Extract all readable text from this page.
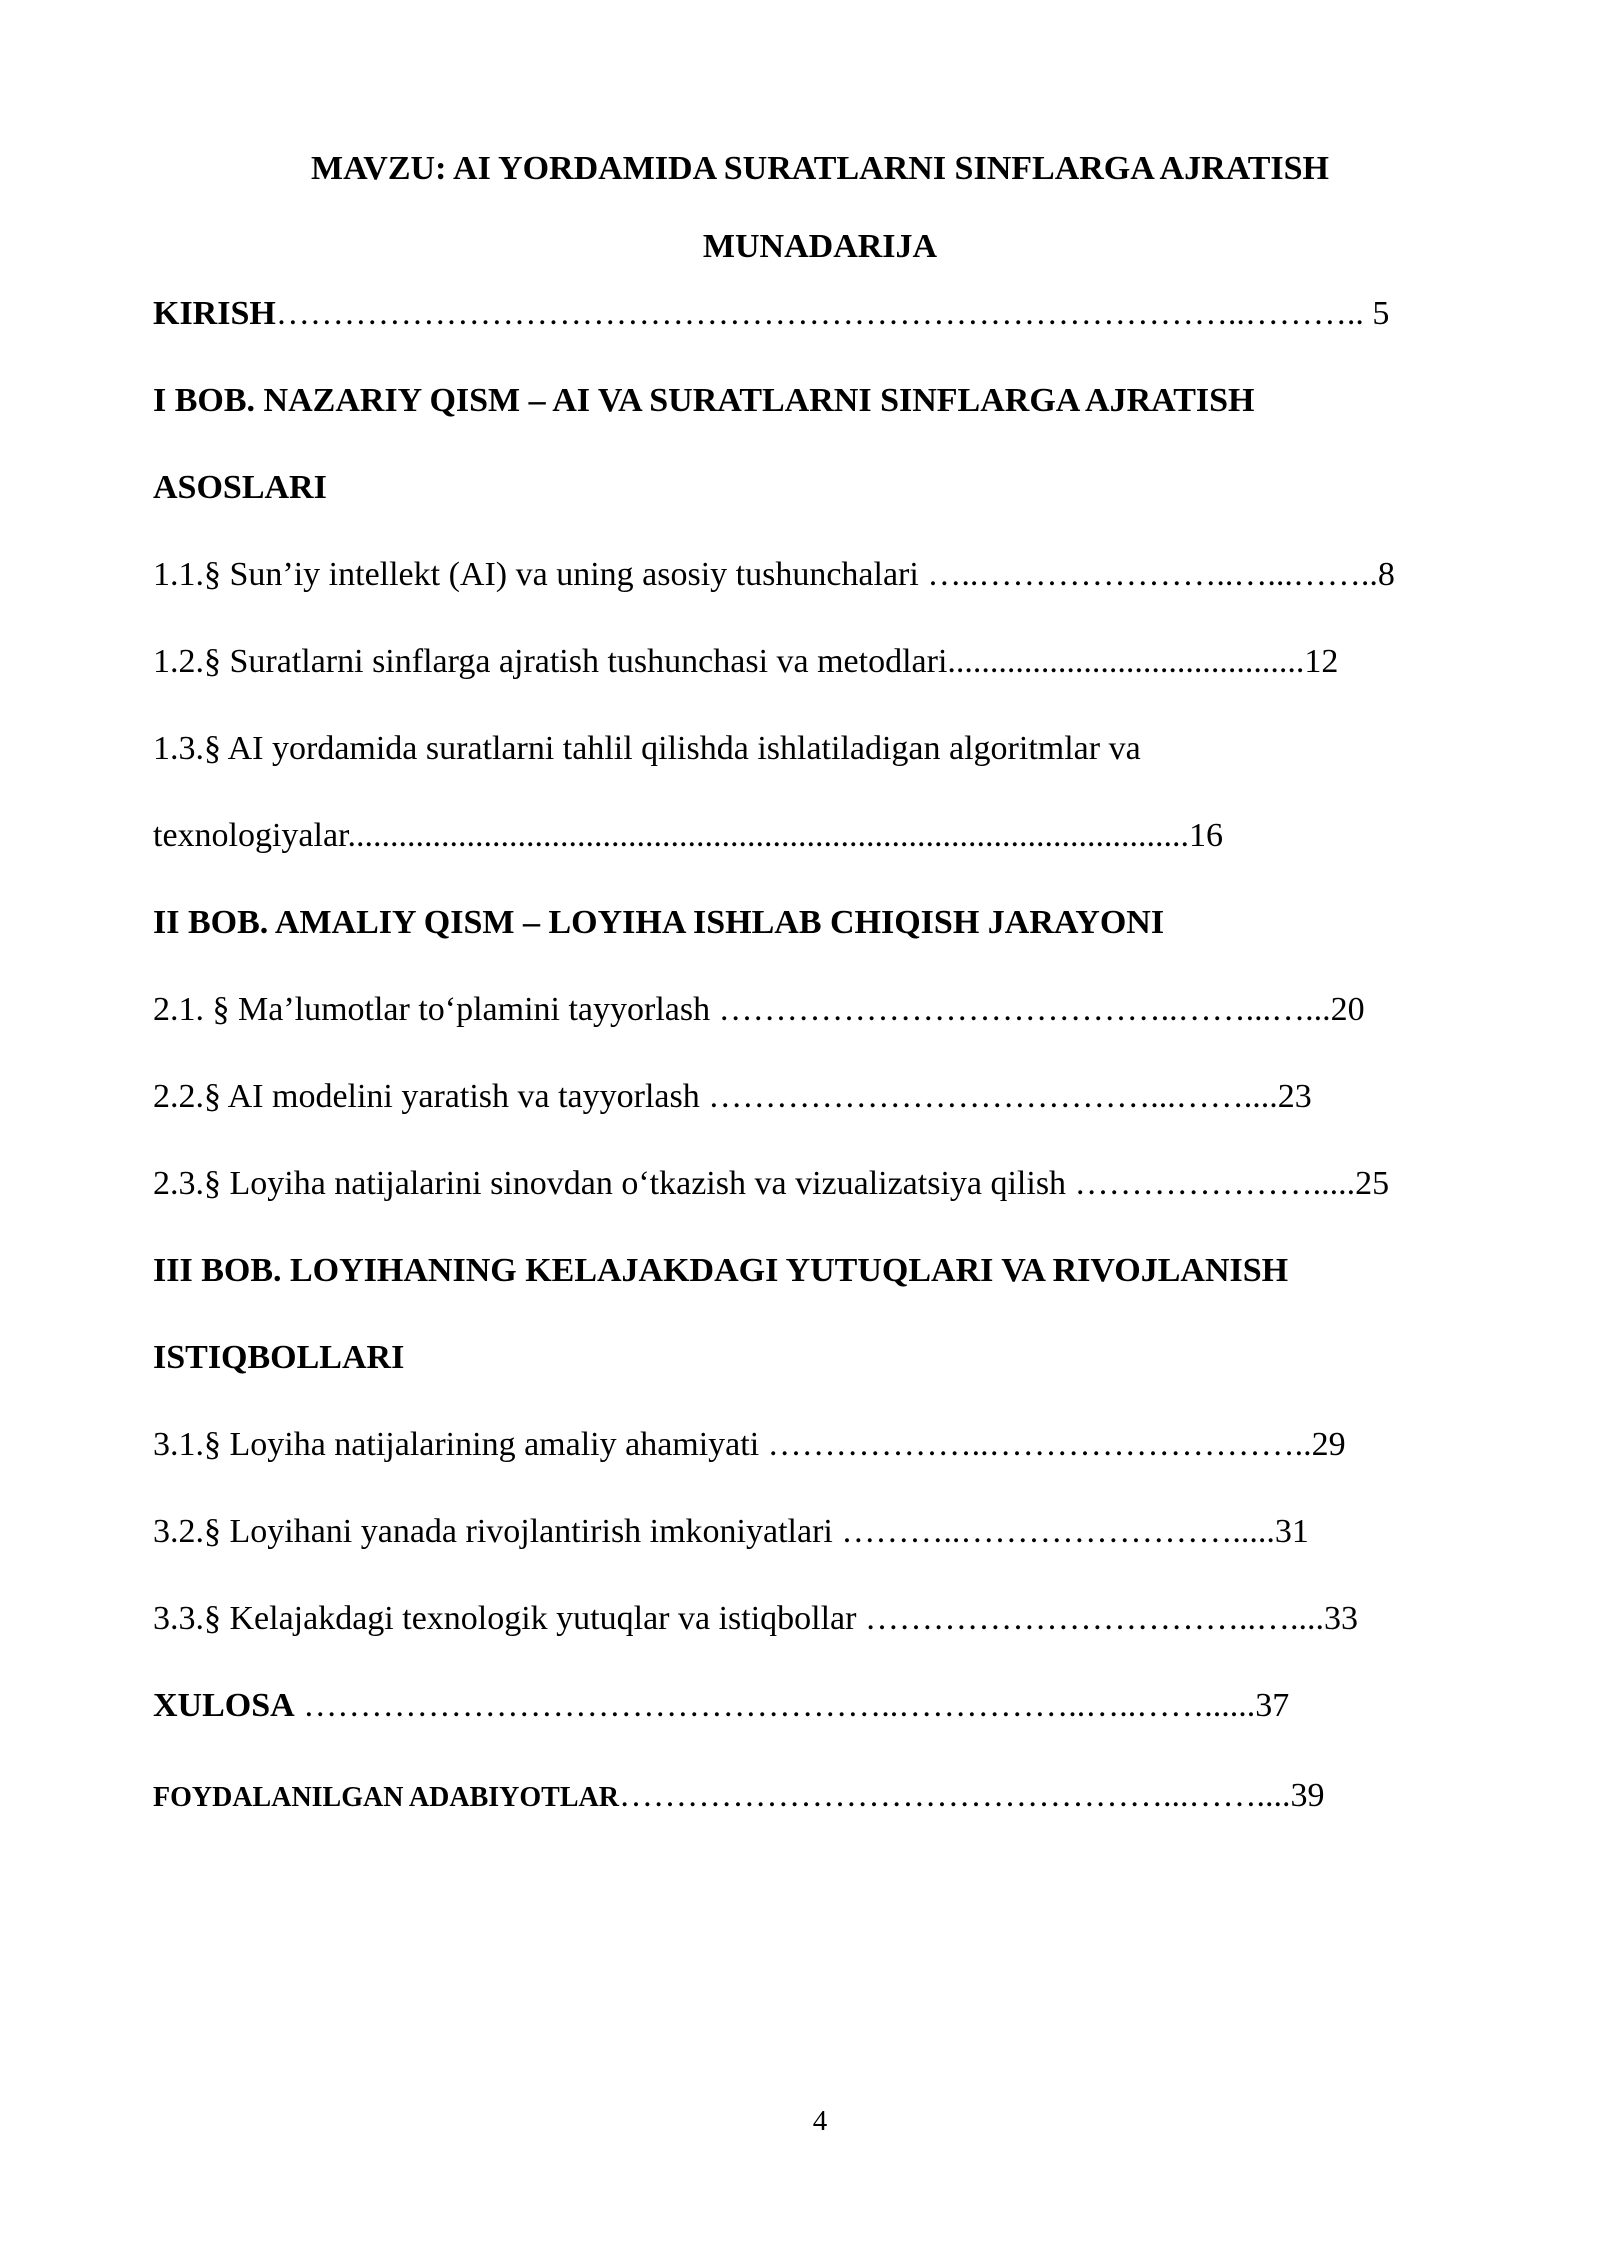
MAVZU: AI YORDAMIDA SURATLARNI SINFLARGA AJRATISH
MUNADARIJA
KIRISH…………………………………………………………………………..……….. 5
I BOB. NAZARIY QISM – AI VA SURATLARNI SINFLARGA AJRATISH
ASOSLARI
1.1.§ Sun’iy intellekt (AI) va uning asosiy tushunchalari …..…………………..…...……..8
1.2.§ Suratlarni sinflarga ajratish tushunchasi va metodlari..........................................12
1.3.§ AI yordamida suratlarni tahlil qilishda ishlatiladigan algoritmlar va
texnologiyalar...................................................................................................16
II BOB. AMALIY QISM – LOYIHA ISHLAB CHIQISH JARAYONI
2.1. § Ma’lumotlar to‘plamini tayyorlash …………………………………..……...…...20
2.2.§ AI modelini yaratish va tayyorlash …………………………………...……....23
2.3.§ Loyiha natijalarini sinovdan o‘tkazish va vizualizatsiya qilish ………………….....25
III BOB. LOYIHANING KELAJAKDAGI YUTUQLARI VA RIVOJLANISH
ISTIQBOLLARI
3.1.§ Loyiha natijalarining amaliy ahamiyati ………………..………………………..29
3.2.§ Loyihani yanada rivojlantirish imkoniyatlari ………..…………………….....31
3.3.§ Kelajakdagi texnologik yutuqlar va istiqbollar ……………………………..…....33
XULOSA ……………………………………………..……………..…..……......37
FOYDALANILGAN ADABIYOTLAR…………………………………………...……....39
4
